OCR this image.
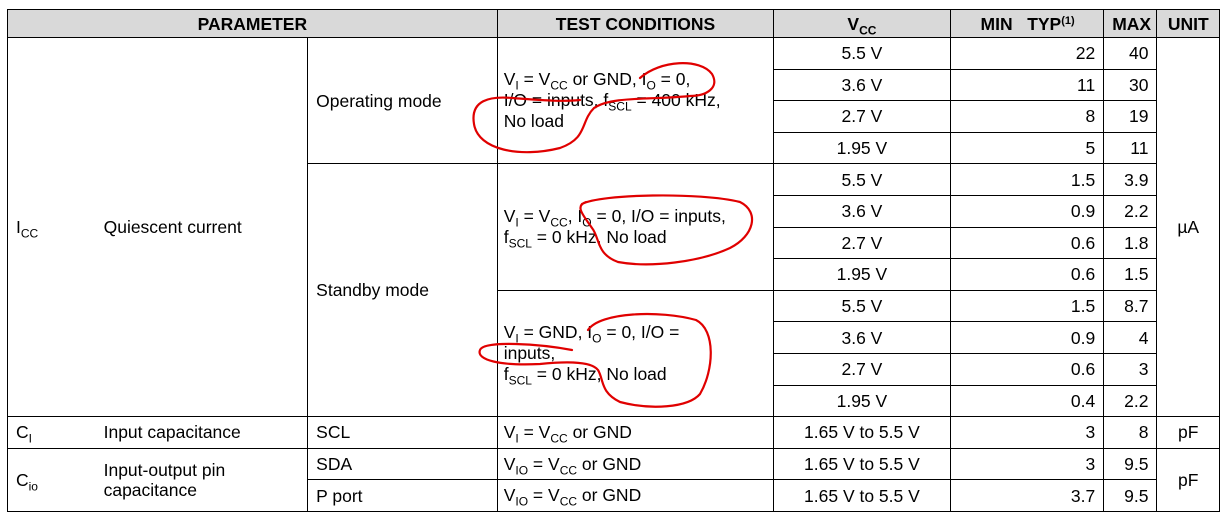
PARAMETER			TEST CONDITIONS	$V_{CC}$	MIN TYP$^{(1)}$	MAX	UNIT
$I_{CC}$	Quiescent current	Operating mode	$V_I = V_{CC}$ or GND, $I_O = 0$,
I/O = inputs, $f_{SCL} = 400$ kHz,
No load	5.5 V	22	40	µA
				3.6 V	11	30	
				2.7 V	8	19	
				1.95 V	5	11	
		Standby mode	$V_I = V_{CC}$, $I_O = 0$, I/O = inputs,
$f_{SCL} = 0$ kHz, No load	5.5 V	1.5	3.9	
				3.6 V	0.9	2.2	
				2.7 V	0.6	1.8	
				1.95 V	0.6	1.5	
			$V_I$ = GND, $I_O = 0$, I/O =
inputs,
$f_{SCL} = 0$ kHz, No load	5.5 V	1.5	8.7	
				3.6 V	0.9	4	
				2.7 V	0.6	3	
				1.95 V	0.4	2.2	
$C_I$	Input capacitance	SCL	$V_I = V_{CC}$ or GND	1.65 V to 5.5 V	3	8	pF
$C_{io}$	Input-output pin
capacitance	SDA	$V_{IO} = V_{CC}$ or GND	1.65 V to 5.5 V	3	9.5	pF
		P port	$V_{IO} = V_{CC}$ or GND	1.65 V to 5.5 V	3.7	9.5	
